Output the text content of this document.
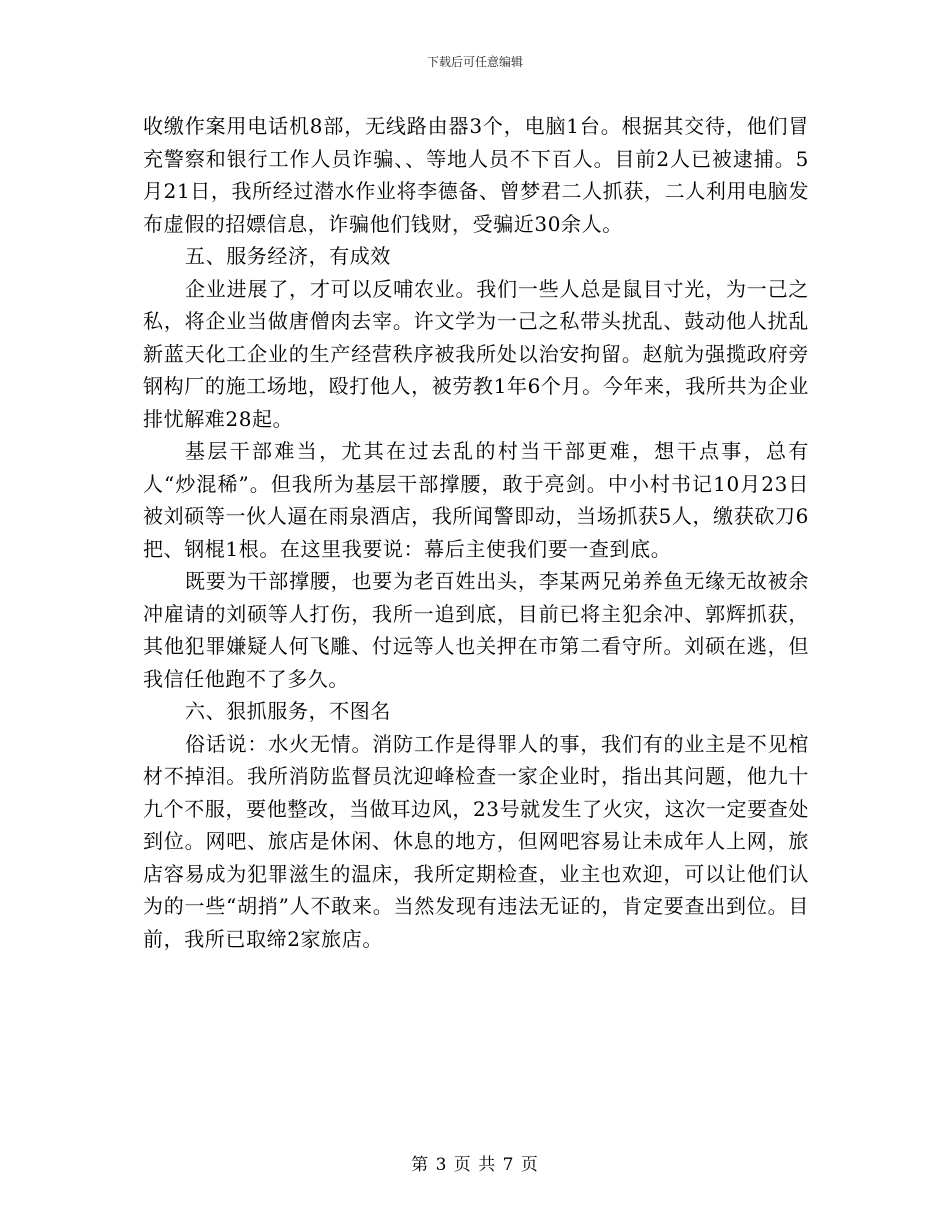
下载后可任意编辑

收缴作案用电话机8部，无线路由器3个，电脑1台。根据其交待，他们冒充警察和银行工作人员诈骗、、等地人员不下百人。目前2人已被逮捕。5月21日，我所经过潜水作业将李德备、曾梦君二人抓获，二人利用电脑发布虚假的招嫖信息，诈骗他们钱财，受骗近30余人。

五、服务经济，有成效

企业进展了，才可以反哺农业。我们一些人总是鼠目寸光，为一己之私，将企业当做唐僧肉去宰。许文学为一己之私带头扰乱、鼓动他人扰乱新蓝天化工企业的生产经营秩序被我所处以治安拘留。赵航为强揽政府旁钢构厂的施工场地，殴打他人，被劳教1年6个月。今年来，我所共为企业排忧解难28起。

基层干部难当，尤其在过去乱的村当干部更难，想干点事，总有人“炒混稀”。但我所为基层干部撑腰，敢于亮剑。中小村书记10月23日被刘硕等一伙人逼在雨泉酒店，我所闻警即动，当场抓获5人，缴获砍刀6把、钢棍1根。在这里我要说：幕后主使我们要一查到底。

既要为干部撑腰，也要为老百姓出头，李某两兄弟养鱼无缘无故被余冲雇请的刘硕等人打伤，我所一追到底，目前已将主犯余冲、郭辉抓获，其他犯罪嫌疑人何飞雕、付远等人也关押在市第二看守所。刘硕在逃，但我信任他跑不了多久。

六、狠抓服务，不图名

俗话说：水火无情。消防工作是得罪人的事，我们有的业主是不见棺材不掉泪。我所消防监督员沈迎峰检查一家企业时，指出其问题，他九十九个不服，要他整改，当做耳边风，23号就发生了火灾，这次一定要查处到位。网吧、旅店是休闲、休息的地方，但网吧容易让未成年人上网，旅店容易成为犯罪滋生的温床，我所定期检查，业主也欢迎，可以让他们认为的一些“胡捎”人不敢来。当然发现有违法无证的，肯定要查出到位。目前，我所已取缔2家旅店。

第 3 页 共 7 页
